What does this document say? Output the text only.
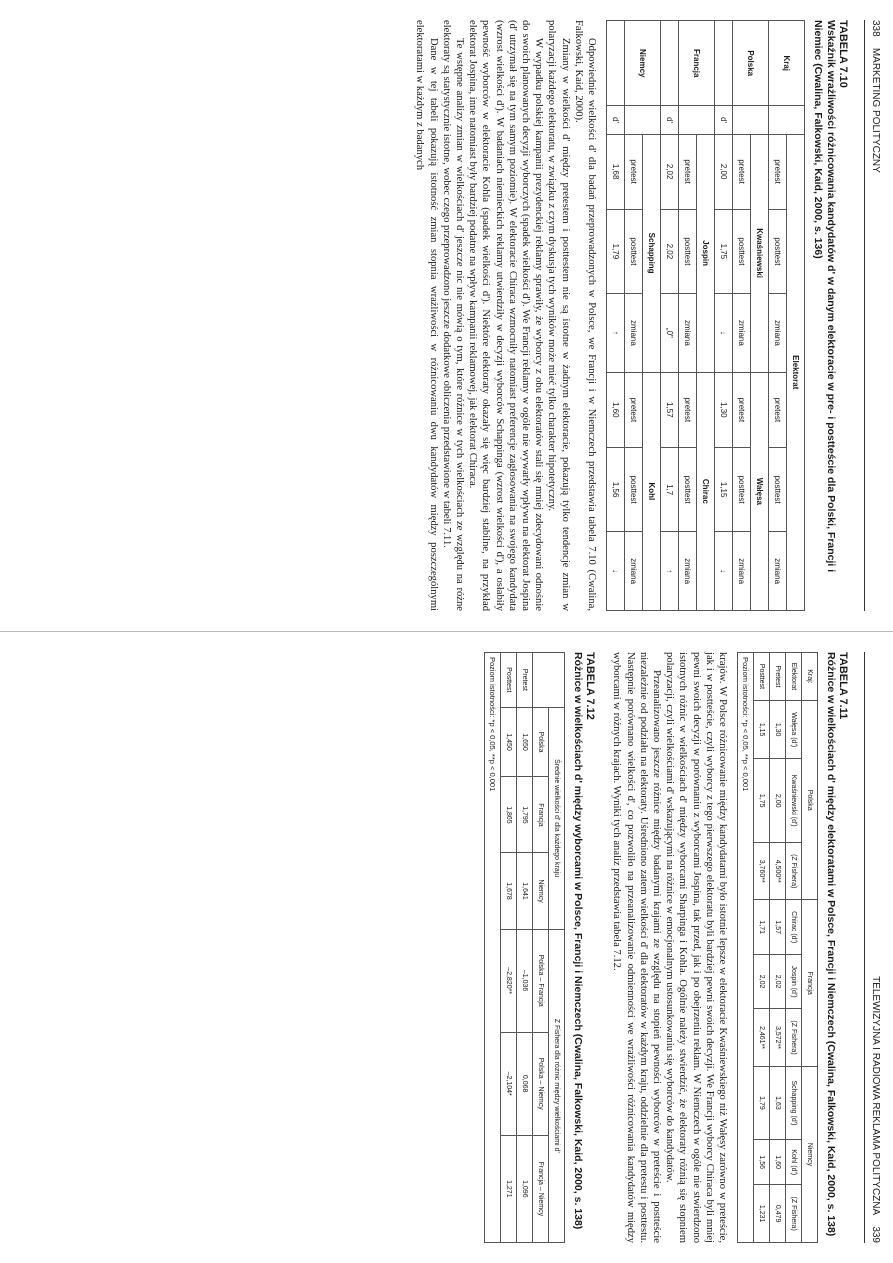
338    MARKETING POLITYCZNY
TABELA 7.10
Wskaźnik wrażliwości różnicowania kandydatów d' w danym elektoracie w pre- i postteście dla Polski, Francji i Niemiec (Cwalina, Falkowski, Kaid, 2000, s. 136)
Kraj		Elektorat					

		pretest	posttest	zmiana	pretest	posttest	zmiana
Polska		Kwaśniewski			Wałęsa		
		pretest	posttest	zmiana	pretest	posttest	zmiana
	d'	2,00	1,75	↓	1,30	1,15	↓
Francja		Jospin			Chirac		
		pretest	posttest	zmiana	pretest	posttest	zmiana
	d'	2,02	2,02	„0"	1,57	1,7	↑
Niemcy		Schapping			Kohl		
		pretest	posttest	zmiana	pretest	posttest	zmiana
	d'	1,68	1,79	↑	1,60	1,56	↓

Odpowiednie wielkości d' dla badań przeprowadzonych w Polsce, we Francji i w Niemczech przedstawia tabela 7.10 (Cwalina, Falkowski, Kaid, 2000).

Zmiany w wielkości d' między pretestem i posttestem nie są istotne w żadnym elektoracie, pokazują tylko tendencje zmian w polaryzacji każdego elektoratu, w związku z czym dyskusja tych wyników może mieć tylko charakter hipotetyczny.

W wypadku polskiej kampanii prezydenckiej reklamy sprawiły, że wyborcy z obu elektoratów stali się mniej zdecydowani odnośnie do swoich planowanych decyzji wyborczych (spadek wielkości d'). We Francji reklamy w ogóle nie wywarły wpływu na elektorat Jospina (d' utrzymał się na tym samym poziomie). W elektoracie Chiraca wzmocniły natomiast preferencje zagłosowania na swojego kandydata (wzrost wielkości d'). W badaniach niemieckich reklamy utwierdziły w decyzji wyborców Schappinga (wzrost wielkości d'), a osłabiły pewność wyborców w elektoracie Kohla (spadek wielkości d'). Niektóre elektoraty okazały się więc bardziej stabilne, na przykład elektorat Jospina, inne natomiast były bardziej podatne na wpływ kampanii reklamowej, jak elektorat Chiraca.

Te wstępne analizy zmian w wielkościach d' jeszcze nic nie mówią o tym, które różnice w tych wielkościach ze względu na różne elektoraty są statystycznie istotne, wobec czego przeprowadzono jeszcze dodatkowe obliczenia przedstawione w tabeli 7.11.

Dane w tej tabeli pokazują istotność zmian stopnia wrażliwości w różnicowaniu dwu kandydatów między poszczególnymi elektoratami w każdym z badanych

TELEWIZYJNA I RADIOWA REKLAMA POLITYCZNA    339
TABELA 7.11
Różnice w wielkościach d' między elektoratami w Polsce, Francji i Niemczech (Cwalina, Falkowski, Kaid, 2000, s. 138)
Kraj:	Polska			Francja			Niemcy		
Elektorat	Wałęsa (d')	Kwaśniewski (d')	(Z Fishera)	Chirac (d')	Jospin (d')	(Z Fishera)	Schapping (d')	Kohl (d')	(Z Fishera)
Pretest	1,30	2,00	4,500**	1,57	2,02	3,572**	1,63	1,60	0,479
Posttest	1,15	1,75	3,760**	1,71	2,02	2,461**	1,79	1,56	1,231
Poziom istotności: *p < 0,05, **p < 0,001

krajów. W Polsce różnicowanie między kandydatami było istotnie lepsze w elektoracie Kwaśniewskiego niż Wałęsy zarówno w preteście, jak i w postteście, czyli wyborcy z tego pierwszego elektoratu byli bardziej pewni swoich decyzji. We Francji wyborcy Chiraca byli mniej pewni swoich decyzji w porównaniu z wyborcami Jospina, tak przed, jak i po obejrzeniu reklam. W Niemczech w ogóle nie stwierdzono istotnych różnic w wielkościach d' między wyborcami Sharpinga i Kohla. Ogólnie należy stwierdzić, że elektoraty różnią się stopniem polaryzacji, czyli wielkościami d' wskazującymi na różnice w emocjonalnym ustosunkowaniu się wyborców do kandydatów.

Przeanalizowano jeszcze różnice między badanymi krajami ze względu na stopień pewności wyborców w preteście i postteście niezależnie od podziału na elektoraty. Uśredniono zatem wielkości d' dla elektoratów w każdym kraju, oddzielnie dla pretestu i posttestu. Następnie porównano wielkości d', co pozwoliło na przeanalizowanie odmienności we wrażliwości różnicowania kandydatów między wyborcami w różnych krajach. Wyniki tych analiz przedstawia tabela 7.12.

TABELA 7.12
Różnice w wielkościach d' między wyborcami w Polsce, Francji i Niemczech (Cwalina, Falkowski, Kaid, 2000, s. 138)
	Średnie wielkości d' dla każdego kraju			Z Fishera dla różnic między wielkościami d'		
	Polska	Francja	Niemcy	Polska – Francja	Polska – Niemcy	Francja – Niemcy
Pretest	1,650	1,795	1,641	–1,036	0,068	1,096
Posttest	1,450	1,865	1,678	–2,820**	–2,104*	1,271
Poziom istotności: *p < 0,05, **p < 0,001
